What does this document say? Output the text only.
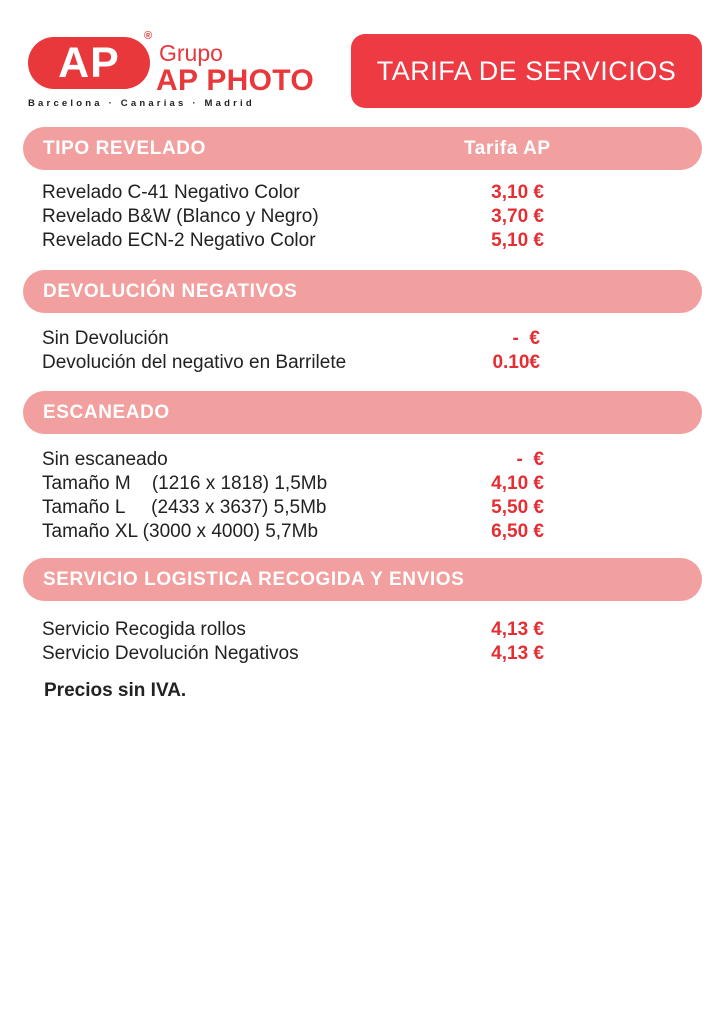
AP
®
Grupo
AP PHOTO
Barcelona · Canarias · Madrid
TARIFA DE SERVICIOS
TIPO REVELADO	Tarifa AP
Revelado C-41 Negativo Color	3,10 €
Revelado B&W (Blanco y Negro)	3,70 €
Revelado ECN-2 Negativo Color	5,10 €
DEVOLUCIÓN NEGATIVOS
Sin Devolución	-  €
Devolución del negativo en Barrilete	0.10€
ESCANEADO
Sin escaneado	-  €
Tamaño M    (1216 x 1818) 1,5Mb	4,10 €
Tamaño L     (2433 x 3637) 5,5Mb	5,50 €
Tamaño XL (3000 x 4000) 5,7Mb	6,50 €
SERVICIO LOGISTICA RECOGIDA Y ENVIOS
Servicio Recogida rollos	4,13 €
Servicio Devolución Negativos	4,13 €
Precios sin IVA.
